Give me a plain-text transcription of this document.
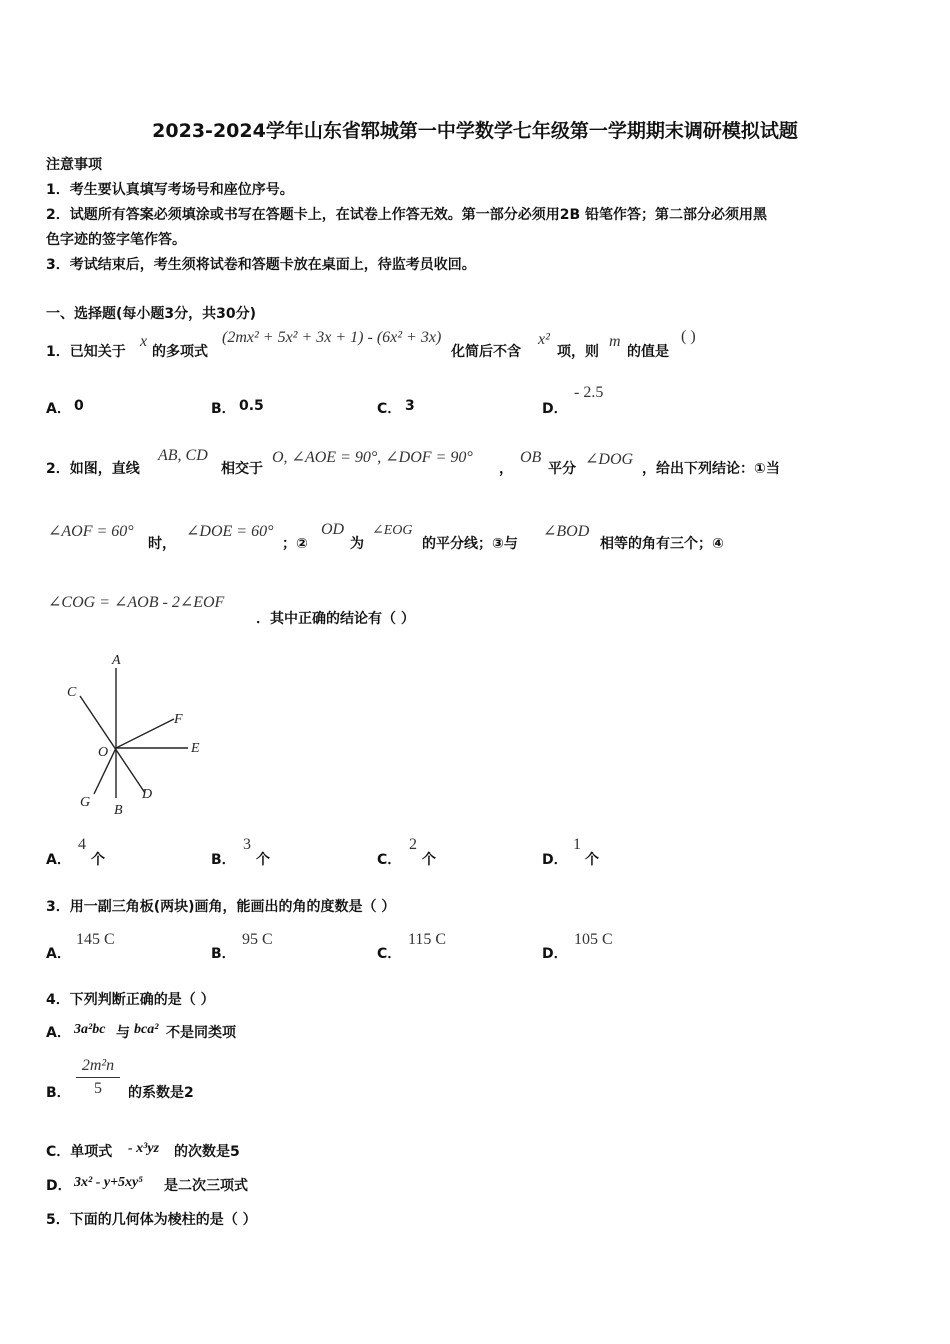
2023-2024学年山东省郓城第一中学数学七年级第一学期期末调研模拟试题
注意事项
1．考生要认真填写考场号和座位序号。
2．试题所有答案必须填涂或书写在答题卡上，在试卷上作答无效。第一部分必须用2B 铅笔作答；第二部分必须用黑
色字迹的签字笔作答。
3．考试结束后，考生须将试卷和答题卡放在桌面上，待监考员收回。
一、选择题(每小题3分，共30分)
1．已知关于
x
的多项式
(2mx² + 5x² + 3x + 1) - (6x² + 3x)
化简后不含
x²
项，则
m
的值是
( )
A． 0	B． 0.5	C． 3	D．
- 2.5
2．如图，直线
AB, CD
相交于
O, ∠AOE = 90°, ∠DOF = 90°
，
OB
平分
∠DOG
，给出下列结论：①当
∠AOF = 60°
时，
∠DOE = 60°
；②
OD
为
∠EOG
的平分线；③与
∠BOD
相等的角有三个；④
∠COG = ∠AOB - 2∠EOF
．其中正确的结论有（ ）
A
C
F
O	E
D
G
B
A．
4
个	B．
3
个	C．
2
个	D．
1
个
3．用一副三角板(两块)画角，能画出的角的度数是（ ）
A．
145 C
B．
95 C
C．
115 C
D．
105 C
4．下列判断正确的是（ ）
A． 3a²bc 与 bca² 不是同类项
B．
2m²n
5	的系数是2
C．单项式 - x³yz 的次数是5
D． 3x² - y+5xy⁵ 是二次三项式
5．下面的几何体为棱柱的是（ ）
